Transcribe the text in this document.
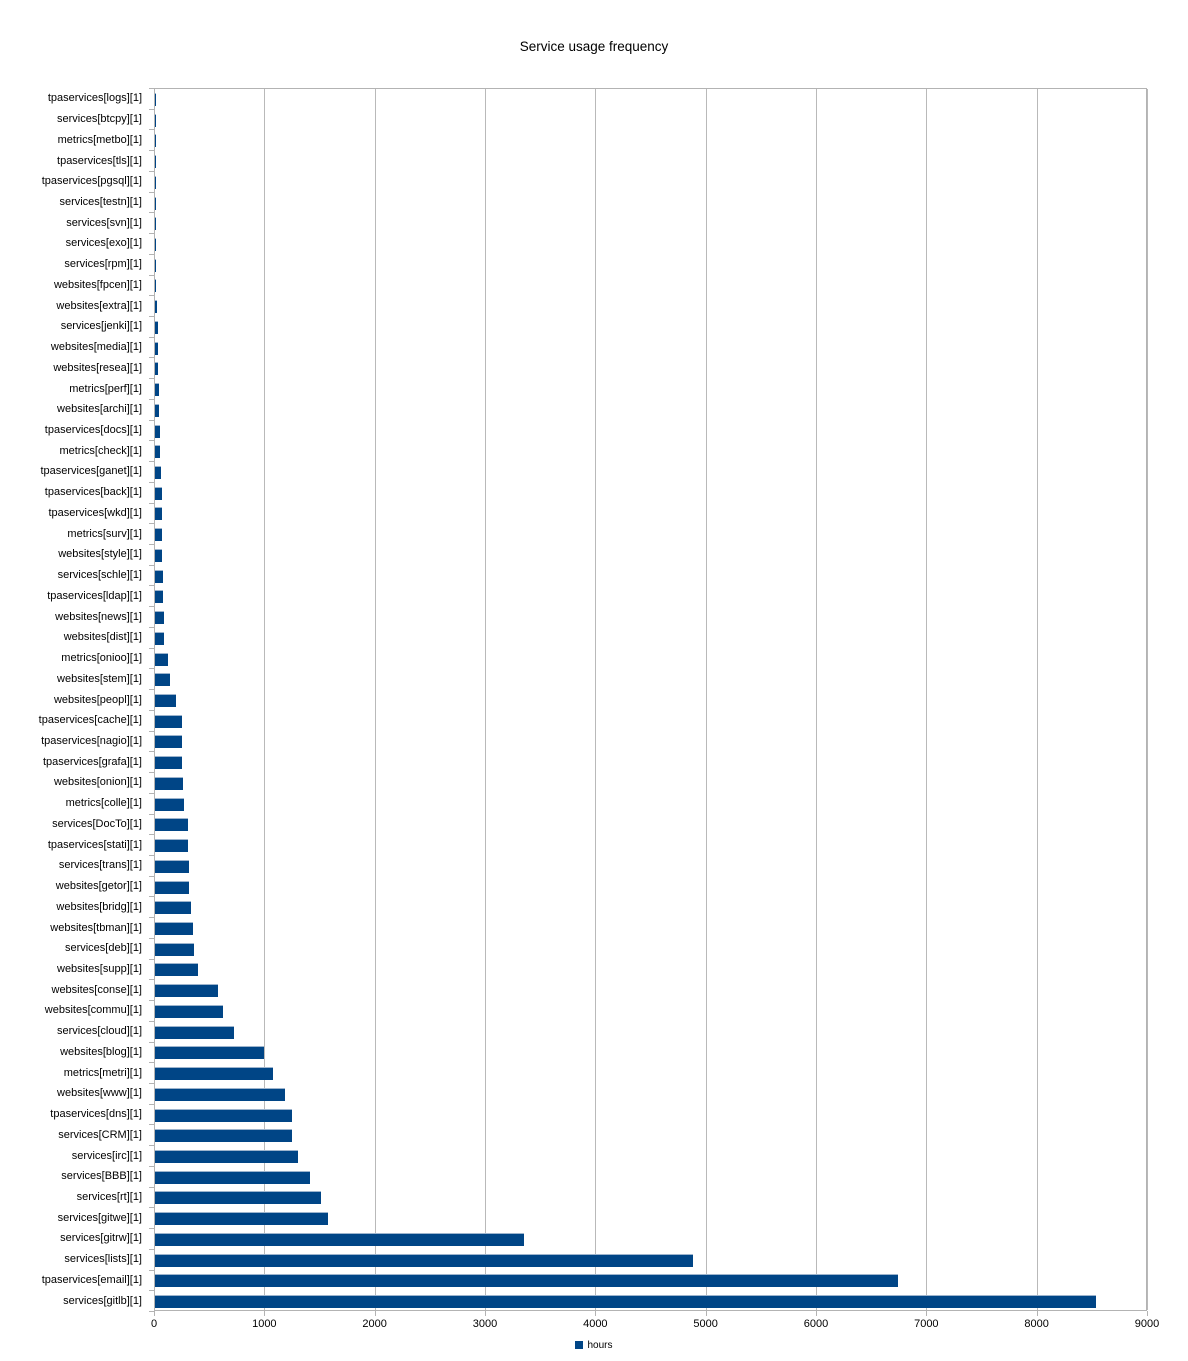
Service usage frequency
tpaservices[logs][1]
services[btcpy][1]
metrics[metbo][1]
tpaservices[tls][1]
tpaservices[pgsql][1]
services[testn][1]
services[svn][1]
services[exo][1]
services[rpm][1]
websites[fpcen][1]
websites[extra][1]
services[jenki][1]
websites[media][1]
websites[resea][1]
metrics[perf][1]
websites[archi][1]
tpaservices[docs][1]
metrics[check][1]
tpaservices[ganet][1]
tpaservices[back][1]
tpaservices[wkd][1]
metrics[surv][1]
websites[style][1]
services[schle][1]
tpaservices[ldap][1]
websites[news][1]
websites[dist][1]
metrics[onioo][1]
websites[stem][1]
websites[peopl][1]
tpaservices[cache][1]
tpaservices[nagio][1]
tpaservices[grafa][1]
websites[onion][1]
metrics[colle][1]
services[DocTo][1]
tpaservices[stati][1]
services[trans][1]
websites[getor][1]
websites[bridg][1]
websites[tbman][1]
services[deb][1]
websites[supp][1]
websites[conse][1]
websites[commu][1]
services[cloud][1]
websites[blog][1]
metrics[metri][1]
websites[www][1]
tpaservices[dns][1]
services[CRM][1]
services[irc][1]
services[BBB][1]
services[rt][1]
services[gitwe][1]
services[gitrw][1]
services[lists][1]
tpaservices[email][1]
services[gitlb][1]
0	1000	2000	3000	4000	5000	6000	7000	8000	9000
hours
